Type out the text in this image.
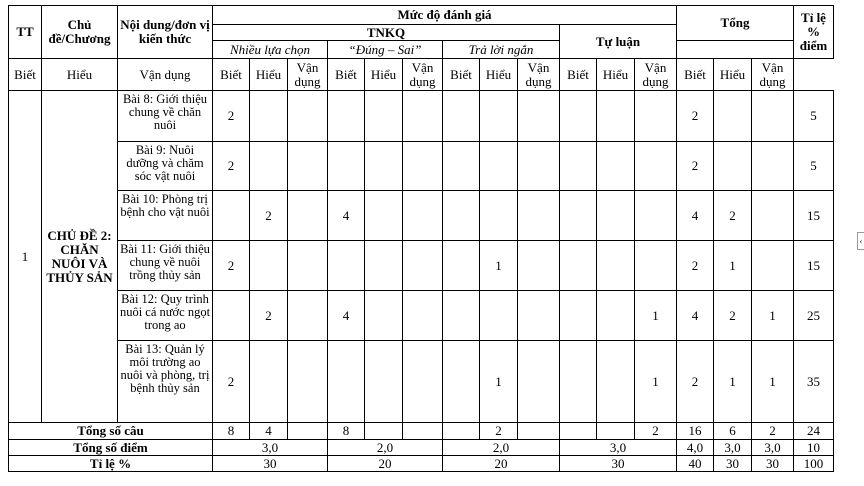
TT	Chủ đề/Chương	Nội dung/đơn vị kiến thức	Mức độ đánh giá												Tổng			Tỉ lệ % điểm
			TNKQ									Tự luận						
			Nhiều lựa chọn			“Đúng – Sai”			Trả lời ngắn									
Biết	Hiểu	Vận dụng	Biết	Hiểu	Vận dụng	Biết	Hiểu	Vận dụng	Biết	Hiểu	Vận dụng	Biết	Hiểu	Vận dụng	Biết	Hiểu	Vận dụng	
1	CHỦ ĐỀ 2: CHĂN NUÔI VÀ THỦY SẢN	Bài 8: Giới thiệu chung về chăn nuôi	2												2			5
		Bài 9: Nuôi dưỡng và chăm sóc vật nuôi	2												2			5
		Bài 10: Phòng trị bệnh cho vật nuôi		2		4									4	2		15
		Bài 11: Giới thiệu chung về nuôi trồng thủy sản	2							1					2	1		15
		Bài 12: Quy trình nuôi cá nước ngọt trong ao		2		4								1	4	2	1	25
		Bài 13: Quản lý môi trường ao nuôi và phòng, trị bệnh thủy sản	2							1				1	2	1	1	35
Tổng số câu			8	4		8				2				2	16	6	2	24
Tổng số điểm			3,0			2,0			2,0			3,0			4,0	3,0	3,0	10
Tỉ lệ %			30			20			20			30			40	30	30	100
‹
